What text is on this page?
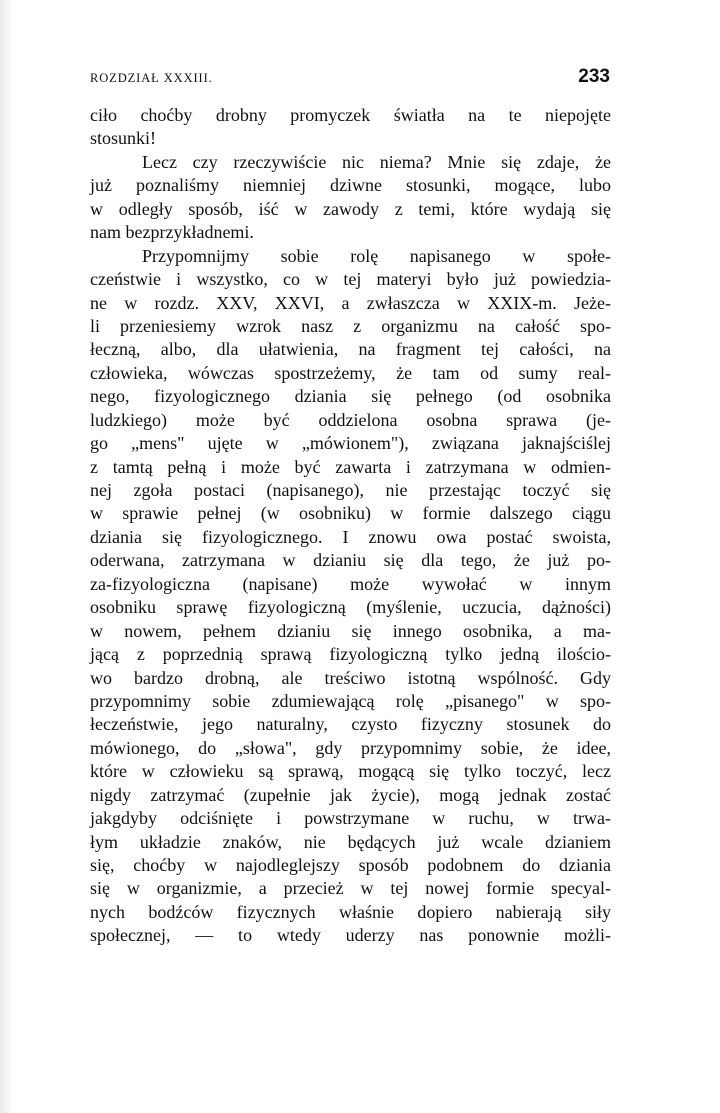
ROZDZIAŁ XXXIII.	233
ciło choćby drobny promyczek światła na te niepojęte
stosunki!
Lecz czy rzeczywiście nic niema? Mnie się zdaje, że
już poznaliśmy niemniej dziwne stosunki, mogące, lubo
w odległy sposób, iść w zawody z temi, które wydają się
nam bezprzykładnemi.
Przypomnijmy sobie rolę napisanego w społe-
czeństwie i wszystko, co w tej materyi było już powiedzia-
ne w rozdz. XXV, XXVI, a zwłaszcza w XXIX-m. Jeże-
li przeniesiemy wzrok nasz z organizmu na całość spo-
łeczną, albo, dla ułatwienia, na fragment tej całości, na
człowieka, wówczas spostrzeżemy, że tam od sumy real-
nego, fizyologicznego dziania się pełnego (od osobnika
ludzkiego) może być oddzielona osobna sprawa (je-
go „mens" ujęte w „mówionem"), związana jaknajściślej
z tamtą pełną i może być zawarta i zatrzymana w odmien-
nej zgoła postaci (napisanego), nie przestając toczyć się
w sprawie pełnej (w osobniku) w formie dalszego ciągu
dziania się fizyologicznego. I znowu owa postać swoista,
oderwana, zatrzymana w dzianiu się dla tego, że już po-
za-fizyologiczna (napisane) może wywołać w innym
osobniku sprawę fizyologiczną (myślenie, uczucia, dążności)
w nowem, pełnem dzianiu się innego osobnika, a ma-
jącą z poprzednią sprawą fizyologiczną tylko jedną ilościo-
wo bardzo drobną, ale treściwo istotną wspólność. Gdy
przypomnimy sobie zdumiewającą rolę „pisanego" w spo-
łeczeństwie, jego naturalny, czysto fizyczny stosunek do
mówionego, do „słowa", gdy przypomnimy sobie, że idee,
które w człowieku są sprawą, mogącą się tylko toczyć, lecz
nigdy zatrzymać (zupełnie jak życie), mogą jednak zostać
jakgdyby odciśnięte i powstrzymane w ruchu, w trwa-
łym układzie znaków, nie będących już wcale dzianiem
się, choćby w najodleglejszy sposób podobnem do dziania
się w organizmie, a przecież w tej nowej formie specyal-
nych bodźców fizycznych właśnie dopiero nabierają siły
społecznej, — to wtedy uderzy nas ponownie możli-
